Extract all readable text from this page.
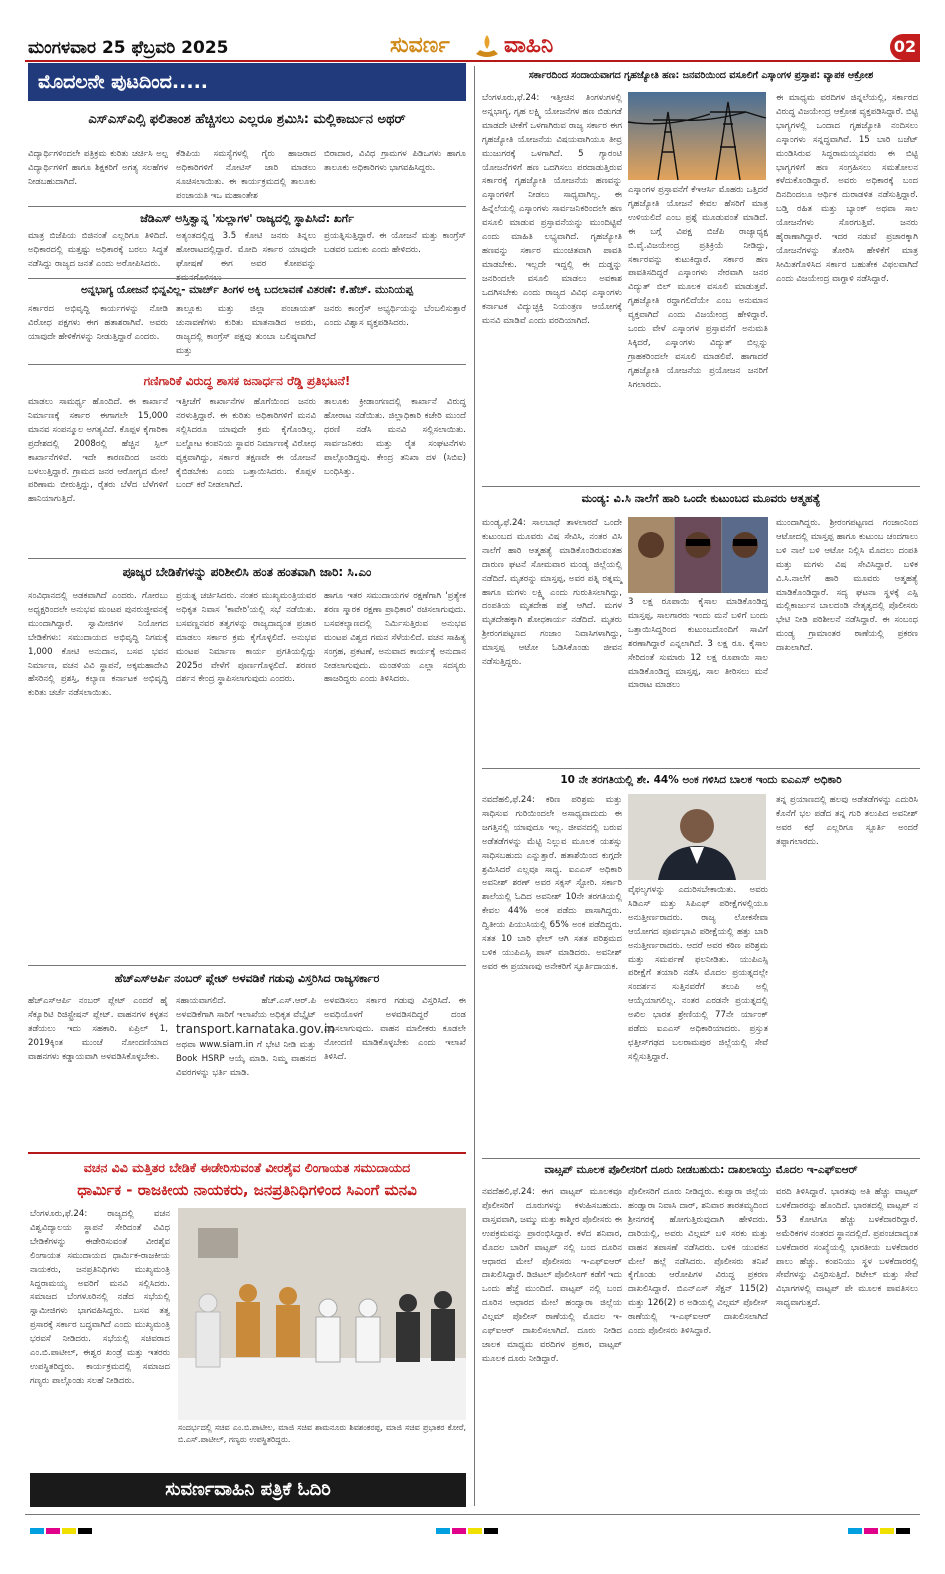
ಮಂಗಳವಾರ 25 ಫೆಬ್ರವರಿ 2025	ಸುವರ್ಣ ವಾಹಿನಿ	02
ಮೊದಲನೇ ಪುಟದಿಂದ.....
ಎಸ್ಎಸ್ಎಲ್ಸಿ ಫಲಿತಾಂಶ ಹೆಚ್ಚಿಸಲು ಎಲ್ಲರೂ ಶ್ರಮಿಸಿ: ಮಲ್ಲಿಕಾರ್ಜುನ ಅಥರ್
ವಿದ್ಯಾರ್ಥಿಗಳಿಂದಲೇ ಪತ್ರಿಕ್ರಮ ಕುರಿತು ಚರ್ಚಿಸಿ ಅಲ್ಪ ವಿದ್ಯಾರ್ಥಿಗಳಿಗೆ ಹಾಗೂ ಶಿಕ್ಷಕರಿಗೆ ಅಗತ್ಯ ಸಲಹೆಗಳ ನೀಡಬಹುದಾಗಿದೆ.
ಕೆಡಿಪಿಯ ಸಮಸ್ಯೆಗಳಲ್ಲಿ ಗೈರು ಹಾಜರಾದ ಅಧಿಕಾರಿಗಳಿಗೆ ನೋಟಿಸ್ ಜಾರಿ ಮಾಡಲು ಸೂಚಿಸಲಾಯಿತು. ಈ ಕಾರ್ಯಕ್ರಮದಲ್ಲಿ ತಾಲೂಕು ಪಂಚಾಯತಿ ಇಒ ಮಹಾಂತೇಶ
ಬಿರಾದಾರ, ವಿವಿಧ ಗ್ರಾಮಗಳ ಪಿಡಿಒಗಳು ಹಾಗೂ ತಾಲೂಕು ಅಧಿಕಾರಿಗಳು ಭಾಗವಹಿಸಿದ್ದರು.
ಜೆಡಿಎಸ್ ಅಸ್ತಿತ್ವಾನ್ನ 'ಸುಲ್ಲಾಗಳ' ರಾಜ್ಯದಲ್ಲಿ ಸ್ಥಾಪಿಸಿದೆ: ಖರ್ಗೆ
ಮಾತ್ರ ಬಿಜೆಪಿಯ ಬಿಜಿನಂತೆ ಎಲ್ಲರಿಗೂ ತಿಳಿದಿದೆ. ಅಧಿಕಾರದಲ್ಲಿ ಮತ್ತಷ್ಟು ಅಧಿಕಾರಕ್ಕೆ ಬರಲು ಸಿದ್ಧತೆ ನಡೆಸಿದ್ದು ರಾಜ್ಯದ ಜನತೆ ಎಂದು ಅರೋಪಿಸಿದರು.
ಅತ್ಯಂತದಲ್ಲಿದ್ದ 3.5 ಕೋಟಿ ಜನರು ತಿನ್ನಲು ಹೋರಾಟದಲ್ಲಿದ್ದಾರೆ. ಮೋದಿ ಸರ್ಕಾರ ಯಾವುದೇ ಘೋಷಣೆ ಈಗ ಅವರ ಕೋಪವನ್ನು
ಪ್ರಯತ್ನಿಸುತ್ತಿದ್ದಾರೆ. ಈ ಯೋಜನೆ ಮತ್ತು ಕಾಂಗ್ರೆಸ್ ಬಡವರ ಬದುಕು ಎಂದು ಹೇಳಿದರು.
ಅನ್ನಭಾಗ್ಯ ಯೋಜನೆ ಭಿನ್ನವಿಲ್ಲ- ಮಾರ್ಚ್ ತಿಂಗಳ ಅಕ್ಕಿ ಬದಲಾವಣೆ ವಿತರಣೆ: ಕೆ.ಹೆಚ್. ಮುನಿಯಪ್ಪ
ಸರ್ಕಾರದ ಅಭಿವೃದ್ಧಿ ಕಾರ್ಯಗಳನ್ನು ನೋಡಿ ವಿರೋಧ ಪಕ್ಷಗಳು ಈಗ ಹತಾಶರಾಗಿವೆ. ಅವರು ಯಾವುದೇ ಹೇಳಿಕೆಗಳನ್ನು ನೀಡುತ್ತಿದ್ದಾರೆ ಎಂದರು.
ತಾಲ್ಲೂಕು ಮತ್ತು ಜಿಲ್ಲಾ ಪಂಚಾಯತ್ ಚುನಾವಣೆಗಳು ಕುರಿತು ಮಾತನಾಡಿದ ಅವರು, ರಾಜ್ಯದಲ್ಲಿ ಕಾಂಗ್ರೆಸ್ ಪಕ್ಷವು ತುಂಬಾ ಬಲಿಷ್ಠವಾಗಿದೆ ಮತ್ತು
ಜನರು ಕಾಂಗ್ರೆಸ್ ಅಭ್ಯರ್ಥಿಯನ್ನು ಬೆಂಬಲಿಸುತ್ತಾರೆ ಎಂದು ವಿಶ್ವಾಸ ವ್ಯಕ್ತಪಡಿಸಿದರು.
ಗಣಿಗಾರಿಕೆ ವಿರುದ್ಧ ಶಾಸಕ ಜನಾರ್ಧನ ರೆಡ್ಡಿ ಪ್ರತಿಭಟನೆ!
ಮಾಡಲು ಸಾಮರ್ಥ್ಯ ಹೊಂದಿದೆ. ಈ ಕಾರ್ಖಾನೆ ನಿರ್ಮಾಣಕ್ಕೆ ಸರ್ಕಾರ ಈಗಾಗಲೇ 15,000 ಮಾನವ ಸಂಪನ್ಮೂಲ ಅಗತ್ಯವಿದೆ. ಕೊಪ್ಪಳ ಕೈಗಾರಿಕಾ ಪ್ರದೇಶದಲ್ಲಿ 2008ರಲ್ಲಿ ಹೆಚ್ಚಿನ ಸ್ಪಿಲ್ ಕಾರ್ಖಾನೆಗಳಿವೆ. ಇದೇ ಕಾರಣದಿಂದ ಜನರು ಬಳಲುತ್ತಿದ್ದಾರೆ. ಗ್ರಾಮದ ಜನರ ಆರೋಗ್ಯದ ಮೇಲೆ ಪರಿಣಾಮ ಬೀರುತ್ತಿದ್ದು, ರೈತರು ಬೆಳೆದ ಬೆಳೆಗಳಿಗೆ ಹಾನಿಯಾಗುತ್ತಿದೆ.
ಇತ್ತೀಚೆಗೆ ಕಾರ್ಖಾನೆಗಳ ಹೊಗೆಯಿಂದ ಜನರು ನರಳುತ್ತಿದ್ದಾರೆ. ಈ ಕುರಿತು ಅಧಿಕಾರಿಗಳಿಗೆ ಮನವಿ ಸಲ್ಲಿಸಿದರೂ ಯಾವುದೇ ಕ್ರಮ ಕೈಗೊಂಡಿಲ್ಲ. ಬಲ್ಡೋಟ ಕಂಪನಿಯ ಸ್ಥಾವರ ನಿರ್ಮಾಣಕ್ಕೆ ವಿರೋಧ ವ್ಯಕ್ತವಾಗಿದ್ದು, ಸರ್ಕಾರ ತಕ್ಷಣವೇ ಈ ಯೋಜನೆ ಕೈಬಿಡಬೇಕು ಎಂದು ಒತ್ತಾಯಿಸಿದರು. ಕೊಪ್ಪಳ ಬಂದ್ ಕರೆ ನೀಡಲಾಗಿದೆ.
ತಾಲೂಕು ಕ್ರೀಡಾಂಗಣದಲ್ಲಿ ಕಾರ್ಖಾನೆ ವಿರುದ್ಧ ಹೋರಾಟ ನಡೆಯಿತು. ಜಿಲ್ಲಾಧಿಕಾರಿ ಕಚೇರಿ ಮುಂದೆ ಧರಣಿ ನಡೆಸಿ ಮನವಿ ಸಲ್ಲಿಸಲಾಯಿತು. ಸಾರ್ವಜನಿಕರು ಮತ್ತು ರೈತ ಸಂಘಟನೆಗಳು ಪಾಲ್ಗೊಂಡಿದ್ದವು. ಕೇಂದ್ರ ತನಿಖಾ ದಳ (ಸಿಬಿಐ) ಬಂಧಿಸಿತ್ತು.
ಪೂಜ್ಯರ ಬೇಡಿಕೆಗಳನ್ನು ಪರಿಶೀಲಿಸಿ ಹಂತ ಹಂತವಾಗಿ ಜಾರಿ: ಸಿ.ಎಂ
ಸಂವಿಧಾನದಲ್ಲಿ ಅಡಕವಾಗಿದೆ ಎಂದರು. ಗೋರಬು ಅಧ್ಯಕ್ಷರಿಂದಲೇ ಅನುಭವ ಮಂಟಪ ಪುನರುಜ್ಜೀವನಕ್ಕೆ ಮುಂದಾಗಿದ್ದಾರೆ. ಸ್ವಾಮೀಜಿಗಳ ನಿಯೋಗದ ಬೇಡಿಕೆಗಳು: ಸಮುದಾಯದ ಅಭಿವೃದ್ಧಿ ನಿಗಮಕ್ಕೆ 1,000 ಕೋಟಿ ಅನುದಾನ, ಬಸವ ಭವನ ನಿರ್ಮಾಣ, ವಚನ ವಿವಿ ಸ್ಥಾಪನೆ, ಅಕ್ಕಮಹಾದೇವಿ ಹೆಸರಿನಲ್ಲಿ ಪ್ರಶಸ್ತಿ, ಕಲ್ಯಾಣ ಕರ್ನಾಟಕ ಅಭಿವೃದ್ಧಿ ಕುರಿತು ಚರ್ಚೆ ನಡೆಸಲಾಯಿತು.
ಪ್ರಯತ್ನ ಚರ್ಚಿಸಿದರು. ನಂತರ ಮುಖ್ಯಮಂತ್ರಿಯವರ ಅಧಿಕೃತ ನಿವಾಸ 'ಕಾವೇರಿ'ಯಲ್ಲಿ ಸಭೆ ನಡೆಯಿತು. ಬಸವಣ್ಣನವರ ತತ್ವಗಳನ್ನು ರಾಜ್ಯದಾದ್ಯಂತ ಪ್ರಚಾರ ಮಾಡಲು ಸರ್ಕಾರ ಕ್ರಮ ಕೈಗೊಳ್ಳಲಿದೆ. ಅನುಭವ ಮಂಟಪ ನಿರ್ಮಾಣ ಕಾರ್ಯ ಪ್ರಗತಿಯಲ್ಲಿದ್ದು 2025ರ ವೇಳೆಗೆ ಪೂರ್ಣಗೊಳ್ಳಲಿದೆ. ಶರಣರ ದರ್ಶನ ಕೇಂದ್ರ ಸ್ಥಾಪಿಸಲಾಗುವುದು ಎಂದರು.
ಹಾಗೂ ಇತರ ಸಮುದಾಯಗಳ ರಕ್ಷಣೆಗಾಗಿ 'ಪ್ರತ್ಯೇಕ ಶರಣ ಸ್ಮಾರಕ ರಕ್ಷಣಾ ಪ್ರಾಧಿಕಾರ' ರಚಿಸಲಾಗುವುದು. ಬಸವಕಲ್ಯಾಣದಲ್ಲಿ ನಿರ್ಮಿಸುತ್ತಿರುವ ಅನುಭವ ಮಂಟಪ ವಿಶ್ವದ ಗಮನ ಸೆಳೆಯಲಿದೆ. ವಚನ ಸಾಹಿತ್ಯ ಸಂಗ್ರಹ, ಪ್ರಕಟಣೆ, ಅನುವಾದ ಕಾರ್ಯಕ್ಕೆ ಅನುದಾನ ನೀಡಲಾಗುವುದು. ಮಂಡಳಿಯ ಎಲ್ಲಾ ಸದಸ್ಯರು ಹಾಜರಿದ್ದರು ಎಂದು ತಿಳಿಸಿದರು.
ಹೆಚ್ಎಸ್ಆರ್ಪಿ ನಂಬರ್ ಪ್ಲೇಟ್ ಅಳವಡಿಕೆ ಗಡುವು ವಿಸ್ತರಿಸಿದ ರಾಜ್ಯಸರ್ಕಾರ
ಹೆಚ್ಎಸ್ಆರ್ಪಿ ನಂಬರ್ ಪ್ಲೇಟ್ ಎಂದರೆ ಹೈ ಸೆಕ್ಯೂರಿಟಿ ರಿಜಿಸ್ಟ್ರೇಷನ್ ಪ್ಲೇಟ್. ವಾಹನಗಳ ಕಳ್ಳತನ ತಡೆಯಲು ಇದು ಸಹಕಾರಿ. ಏಪ್ರಿಲ್ 1, 2019ಕ್ಕಿಂತ ಮುಂಚೆ ನೋಂದಣಿಯಾದ ವಾಹನಗಳು ಕಡ್ಡಾಯವಾಗಿ ಅಳವಡಿಸಿಕೊಳ್ಳಬೇಕು.
ಸಹಾಯವಾಗಲಿದೆ. ಹೆಚ್.ಎಸ್.ಆರ್.ಪಿ ಅಳವಡಿಕೆಗಾಗಿ ಸಾರಿಗೆ ಇಲಾಖೆಯ ಅಧಿಕೃತ ವೆಬ್ಸೈಟ್ transport.karnataka.gov.in ಅಥವಾ www.siam.in ಗೆ ಭೇಟಿ ನೀಡಿ ಮತ್ತು Book HSRP ಆಯ್ಕೆ ಮಾಡಿ. ನಿಮ್ಮ ವಾಹನದ ವಿವರಗಳನ್ನು ಭರ್ತಿ ಮಾಡಿ.
ಅಳವಡಿಸಲು ಸರ್ಕಾರ ಗಡುವು ವಿಸ್ತರಿಸಿದೆ. ಈ ಅವಧಿಯೊಳಗೆ ಅಳವಡಿಸದಿದ್ದರೆ ದಂಡ ವಿಧಿಸಲಾಗುವುದು. ವಾಹನ ಮಾಲೀಕರು ಕೂಡಲೇ ನೋಂದಣಿ ಮಾಡಿಕೊಳ್ಳಬೇಕು ಎಂದು ಇಲಾಖೆ ತಿಳಿಸಿದೆ.
ವಚನ ವಿವಿ ಮತ್ತಿತರ ಬೇಡಿಕೆ ಈಡೇರಿಸುವಂತೆ ವೀರಶೈವ ಲಿಂಗಾಯತ ಸಮುದಾಯದ
ಧಾರ್ಮಿಕ - ರಾಜಕೀಯ ನಾಯಕರು, ಜನಪ್ರತಿನಿಧಿಗಳಿಂದ ಸಿಎಂಗೆ ಮನವಿ
ಬೆಂಗಳೂರು,ಫೆ.24: ರಾಜ್ಯದಲ್ಲಿ ವಚನ ವಿಶ್ವವಿದ್ಯಾಲಯ ಸ್ಥಾಪನೆ ಸೇರಿದಂತೆ ವಿವಿಧ ಬೇಡಿಕೆಗಳನ್ನು ಈಡೇರಿಸುವಂತೆ ವೀರಶೈವ ಲಿಂಗಾಯತ ಸಮುದಾಯದ ಧಾರ್ಮಿಕ-ರಾಜಕೀಯ ನಾಯಕರು, ಜನಪ್ರತಿನಿಧಿಗಳು ಮುಖ್ಯಮಂತ್ರಿ ಸಿದ್ದರಾಮಯ್ಯ ಅವರಿಗೆ ಮನವಿ ಸಲ್ಲಿಸಿದರು. ಸಮಾಜದ ಬೆಂಗಳೂರಿನಲ್ಲಿ ನಡೆದ ಸಭೆಯಲ್ಲಿ ಸ್ವಾಮೀಜಿಗಳು ಭಾಗವಹಿಸಿದ್ದರು. ಬಸವ ತತ್ವ ಪ್ರಸಾರಕ್ಕೆ ಸರ್ಕಾರ ಬದ್ಧವಾಗಿದೆ ಎಂದು ಮುಖ್ಯಮಂತ್ರಿ ಭರವಸೆ ನೀಡಿದರು. ಸಭೆಯಲ್ಲಿ ಸಚಿವರಾದ ಎಂ.ಬಿ.ಪಾಟೀಲ್, ಈಶ್ವರ ಖಂಡ್ರೆ ಮತ್ತು ಇತರರು ಉಪಸ್ಥಿತರಿದ್ದರು. ಕಾರ್ಯಕ್ರಮದಲ್ಲಿ ಸಮಾಜದ ಗಣ್ಯರು ಪಾಲ್ಗೊಂಡು ಸಲಹೆ ನೀಡಿದರು.
ಸಂದರ್ಭದಲ್ಲಿ ಸಚಿವ ಎಂ.ಬಿ.ಪಾಟೀಲ, ಮಾಜಿ ಸಚಿವ ಶಾಮನೂರು ಶಿವಶಂಕರಪ್ಪ, ಮಾಜಿ ಸಚಿವ ಪ್ರಭಾಕರ ಕೋರೆ, ಬಿ.ಎಸ್.ಪಾಟೀಲ್, ಗಣ್ಯರು ಉಪಸ್ಥಿತರಿದ್ದರು.
ಸುವರ್ಣವಾಹಿನಿ ಪತ್ರಿಕೆ ಓದಿರಿ
ಸರ್ಕಾರದಿಂದ ಸಂದಾಯವಾಗದ ಗೃಹಜ್ಯೋತಿ ಹಣ: ಜನವರಿಯಿಂದ ವಸೂಲಿಗೆ ಎಸ್ಕಾಂಗಳ ಪ್ರಸ್ತಾಪ: ವ್ಯಾಪಕ ಆಕ್ರೋಶ
ಬೆಂಗಳೂರು,ಫೆ.24: ಇತ್ತೀಚಿನ ತಿಂಗಳುಗಳಲ್ಲಿ ಅನ್ನಭಾಗ್ಯ, ಗೃಹ ಲಕ್ಷ್ಮಿ ಯೋಜನೆಗಳ ಹಣ ಬಿಡುಗಡೆ ಮಾಡದೇ ಟೀಕೆಗೆ ಒಳಗಾಗಿರುವ ರಾಜ್ಯ ಸರ್ಕಾರ ಈಗ ಗೃಹಜ್ಯೋತಿ ಯೋಜನೆಯ ವಿಷಯವಾಗಿಯೂ ತೀವ್ರ ಮುಜುಗರಕ್ಕೆ ಒಳಗಾಗಿದೆ. 5 ಗ್ಯಾರಂಟಿ ಯೋಜನೆಗಳಿಗೆ ಹಣ ಒದಗಿಸಲು ಪರದಾಡುತ್ತಿರುವ ಸರ್ಕಾರಕ್ಕೆ ಗೃಹಜ್ಯೋತಿ ಯೋಜನೆಯ ಹಣವನ್ನು ಎಸ್ಕಾಂಗಳಿಗೆ ನೀಡಲು ಸಾಧ್ಯವಾಗಿಲ್ಲ. ಈ ಹಿನ್ನೆಲೆಯಲ್ಲಿ ಎಸ್ಕಾಂಗಳು ಸಾರ್ವಜನಿಕರಿಂದಲೇ ಹಣ ವಸೂಲಿ ಮಾಡುವ ಪ್ರಸ್ತಾವನೆಯನ್ನು ಮುಂದಿಟ್ಟಿವೆ ಎಂದು ಮಾಹಿತಿ ಲಭ್ಯವಾಗಿದೆ. ಗೃಹಜ್ಯೋತಿ ಹಣವನ್ನು ಸರ್ಕಾರ ಮುಂಚಿತವಾಗಿ ಪಾವತಿ ಮಾಡಬೇಕು. ಇಲ್ಲದೇ ಇದ್ದಲ್ಲಿ ಈ ದುಡ್ಡನ್ನು ಜನರಿಂದಲೇ ವಸೂಲಿ ಮಾಡಲು ಅವಕಾಶ ಒದಗಿಸಬೇಕು ಎಂದು ರಾಜ್ಯದ ವಿವಿಧ ಎಸ್ಕಾಂಗಳು ಕರ್ನಾಟಕ ವಿದ್ಯುಚ್ಛಕ್ತಿ ನಿಯಂತ್ರಣ ಆಯೋಗಕ್ಕೆ ಮನವಿ ಮಾಡಿವೆ ಎಂದು ವರದಿಯಾಗಿದೆ.
ಎಸ್ಕಾಂಗಳ ಪ್ರಸ್ತಾವನೆಗೆ ಕೆಇಆರ್ಸಿ ಮೊಹರು ಒತ್ತಿದರೆ ಗೃಹಜ್ಯೋತಿ ಯೋಜನೆ ಕೇವಲ ಹೆಸರಿಗೆ ಮಾತ್ರ ಉಳಿಯಲಿದೆ ಎಂಬ ಪ್ರಶ್ನೆ ಮೂಡುವಂತೆ ಮಾಡಿದೆ. ಈ ಬಗ್ಗೆ ವಿಪಕ್ಷ ಬಿಜೆಪಿ ರಾಜ್ಯಾಧ್ಯಕ್ಷ ಬಿ.ವೈ.ವಿಜಯೇಂದ್ರ ಪ್ರತಿಕ್ರಿಯೆ ನೀಡಿದ್ದು, ಸರ್ಕಾರವನ್ನು ಕುಟುಕಿದ್ದಾರೆ. ಸರ್ಕಾರ ಹಣ ಪಾವತಿಸದಿದ್ದರೆ ಎಸ್ಕಾಂಗಳು ನೇರವಾಗಿ ಜನರ ವಿದ್ಯುತ್ ಬಿಲ್ ಮೂಲಕ ವಸೂಲಿ ಮಾಡುತ್ತವೆ. ಗೃಹಜ್ಯೋತಿ ರದ್ದಾಗಲಿದೆಯೇ ಎಂಬ ಅನುಮಾನ ವ್ಯಕ್ತವಾಗಿದೆ ಎಂದು ವಿಜಯೇಂದ್ರ ಹೇಳಿದ್ದಾರೆ. ಒಂದು ವೇಳೆ ಎಸ್ಕಾಂಗಳ ಪ್ರಸ್ತಾವನೆಗೆ ಅನುಮತಿ ಸಿಕ್ಕಿದರೆ, ಎಸ್ಕಾಂಗಳು ವಿದ್ಯುತ್ ಬಿಲ್ಲನ್ನು ಗ್ರಾಹಕರಿಂದಲೇ ವಸೂಲಿ ಮಾಡಲಿವೆ. ಹಾಗಾದರೆ ಗೃಹಜ್ಯೋತಿ ಯೋಜನೆಯ ಪ್ರಯೋಜನ ಜನರಿಗೆ ಸಿಗಲಾರದು.
ಈ ಮಾಧ್ಯಮ ವರದಿಗಳ ಜಿನ್ನಲೆಯಲ್ಲಿ, ಸರ್ಕಾರದ ವಿರುದ್ಧ ವಿಜಯೇಂದ್ರ ಆಕ್ರೋಶ ವ್ಯಕ್ತಪಡಿಸಿದ್ದಾರೆ. ಬಿಟ್ಟಿ ಭಾಗ್ಯಗಳಲ್ಲಿ ಒಂದಾದ ಗೃಹಜ್ಯೋತಿ ನಂದಿಸಲು ಎಸ್ಕಾಂಗಳು ಸನ್ನದ್ಧವಾಗಿವೆ. 15 ಬಾರಿ ಬಜೆಟ್ ಮಂಡಿಸಿರುವ ಸಿದ್ದರಾಮಯ್ಯನವರು ಈ ಬಿಟ್ಟಿ ಭಾಗ್ಯಗಳಿಗೆ ಹಣ ಸಂಗ್ರಹಿಸಲು ಸಮತೋಲನ ಕಳೆದುಕೊಂಡಿದ್ದಾರೆ. ಅವರು ಅಧಿಕಾರಕ್ಕೆ ಬಂದ ದಿನದಿಂದಲೂ ಆರ್ಥಿಕ ದುರಾಡಳಿತ ನಡೆಸುತ್ತಿದ್ದಾರೆ. ಬಡ್ತಿ ರಹಿತ ಮತ್ತು ಬ್ಯಾಂಕ್ ಅಥವಾ ಸಾಲ ಯೋಜನೆಗಳು ಸೊರಗುತ್ತಿವೆ. ಜನರು ಹೈರಾಣಾಗಿದ್ದಾರೆ. ಇದರ ನಡುವೆ ಪ್ರಚಾರಕ್ಕಾಗಿ ಯೋಜನೆಗಳನ್ನು ತೋರಿಸಿ ಹೇಳಿಕೆಗೆ ಮಾತ್ರ ಸೀಮಿತಗೊಳಿಸಿದ ಸರ್ಕಾರ ಬಹುತೇಕ ವಿಫಲವಾಗಿದೆ ಎಂದು ವಿಜಯೇಂದ್ರ ವಾಗ್ದಾಳಿ ನಡೆಸಿದ್ದಾರೆ.
ಮಂಡ್ಯ: ವಿ.ಸಿ ನಾಲೆಗೆ ಹಾರಿ ಒಂದೇ ಕುಟುಂಬದ ಮೂವರು ಆತ್ಮಹತ್ಯೆ
ಮಂಡ್ಯ,ಫೆ.24: ಸಾಲಬಾಧೆ ತಾಳಲಾರದೆ ಒಂದೇ ಕುಟುಂಬದ ಮೂವರು ವಿಷ ಸೇವಿಸಿ, ನಂತರ ವಿಸಿ ನಾಲೆಗೆ ಹಾರಿ ಆತ್ಮಹತ್ಯೆ ಮಾಡಿಕೊಂಡಿರುವಂತಹ ದಾರುಣ ಘಟನೆ ಸೋಮವಾರ ಮಂಡ್ಯ ಜಿಲ್ಲೆಯಲ್ಲಿ ನಡೆದಿದೆ. ಮೃತರನ್ನು ಮಾಸ್ತಪ್ಪ, ಅವರ ಪತ್ನಿ ರತ್ನಮ್ಮ ಹಾಗೂ ಮಗಳು ಲಕ್ಷ್ಮಿ ಎಂದು ಗುರುತಿಸಲಾಗಿದ್ದು, ದಂಪತಿಯ ಮೃತದೇಹ ಪತ್ತೆ ಆಗಿದೆ. ಮಗಳ ಮೃತದೇಹಕ್ಕಾಗಿ ಶೋಧಕಾರ್ಯ ನಡೆದಿದೆ. ಮೃತರು ಶ್ರೀರಂಗಪಟ್ಟಣದ ಗಂಜಾಂ ನಿವಾಸಿಗಳಾಗಿದ್ದು, ಮಾಸ್ತಪ್ಪ ಆಟೋ ಓಡಿಸಿಕೊಂಡು ಜೀವನ ನಡೆಸುತ್ತಿದ್ದರು.
3 ಲಕ್ಷ ರೂಪಾಯಿ ಕೈಸಾಲ ಮಾಡಿಕೊಂಡಿದ್ದ ಮಾಸ್ತಪ್ಪ, ಸಾಲಗಾರರು ಇಂದು ಮನೆ ಬಳಿಗೆ ಬಂದು ಒತ್ತಾಯಿಸಿದ್ದರಿಂದ ಕುಟುಂಬದೊಂದಿಗೆ ಸಾವಿಗೆ ಶರಣಾಗಿದ್ದಾರೆ ಎನ್ನಲಾಗಿದೆ. 3 ಲಕ್ಷ ರೂ. ಕೈಸಾಲ ಸೇರಿದಂತೆ ಸುಮಾರು 12 ಲಕ್ಷ ರೂಪಾಯಿ ಸಾಲ ಮಾಡಿಕೊಂಡಿದ್ದ ಮಾಸ್ತಪ್ಪ, ಸಾಲ ತೀರಿಸಲು ಮನೆ ಮಾರಾಟ ಮಾಡಲು
ಮುಂದಾಗಿದ್ದರು. ಶ್ರೀರಂಗಪಟ್ಟಣದ ಗಂಜಾಂನಿಂದ ಆಟೋದಲ್ಲಿ ಮಾಸ್ತಪ್ಪ ಹಾಗೂ ಕುಟುಂಬ ಚಂದಗಾಲು ಬಳಿ ನಾಲೆ ಬಳಿ ಆಟೋ ನಿಲ್ಲಿಸಿ ಮೊದಲು ದಂಪತಿ ಮತ್ತು ಮಗಳು ವಿಷ ಸೇವಿಸಿದ್ದಾರೆ. ಬಳಿಕ ವಿ.ಸಿ.ನಾಲೆಗೆ ಹಾರಿ ಮೂವರು ಆತ್ಮಹತ್ಯೆ ಮಾಡಿಕೊಂಡಿದ್ದಾರೆ. ಸದ್ಯ ಘಟನಾ ಸ್ಥಳಕ್ಕೆ ಎಸ್ಪಿ ಮಲ್ಲಿಕಾರ್ಜುನ ಬಾಲದಂಡಿ ನೇತೃತ್ವದಲ್ಲಿ ಪೊಲೀಸರು ಭೇಟಿ ನೀಡಿ ಪರಿಶೀಲನೆ ನಡೆಸಿದ್ದಾರೆ. ಈ ಸಂಬಂಧ ಮಂಡ್ಯ ಗ್ರಾಮಾಂತರ ಠಾಣೆಯಲ್ಲಿ ಪ್ರಕರಣ ದಾಖಲಾಗಿದೆ.
10 ನೇ ತರಗತಿಯಲ್ಲಿ ಶೇ. 44% ಅಂಕ ಗಳಿಸಿದ ಬಾಲಕ ಇಂದು ಐಎಎಸ್ ಅಧಿಕಾರಿ
ನವದೆಹಲಿ,ಫೆ.24: ಕಠಿಣ ಪರಿಶ್ರಮ ಮತ್ತು ಸಾಧಿಸುವ ಗುರಿಯಿಂದಲೇ ಅಸಾಧ್ಯವಾದುದು ಈ ಜಗತ್ತಿನಲ್ಲಿ ಯಾವುದೂ ಇಲ್ಲ. ಜೀವನದಲ್ಲಿ ಬರುವ ಅಡೆತಡೆಗಳನ್ನು ಮೆಟ್ಟಿ ನಿಲ್ಲುವ ಮೂಲಕ ಯಶಸ್ಸು ಸಾಧಿಸಬಹುದು ಎನ್ನುತ್ತಾರೆ. ಹತಾಶೆಯಿಂದ ಕುಗ್ಗದೇ ಶ್ರಮಿಸಿದರೆ ಎಲ್ಲವೂ ಸಾಧ್ಯ. ಐಎಎಸ್ ಅಧಿಕಾರಿ ಅವನೀಶ್ ಶರಣ್ ಅವರ ಸಕ್ಸಸ್ ಸ್ಟೋರಿ. ಸರ್ಕಾರಿ ಶಾಲೆಯಲ್ಲಿ ಓದಿದ ಅವನೀಶ್ 10ನೇ ತರಗತಿಯಲ್ಲಿ ಕೇವಲ 44% ಅಂಕ ಪಡೆದು ಪಾಸಾಗಿದ್ದರು. ದ್ವಿತೀಯ ಪಿಯುಸಿಯಲ್ಲಿ 65% ಅಂಕ ಪಡೆದಿದ್ದರು. ಸತತ 10 ಬಾರಿ ಫೇಲ್ ಆಗಿ ಸತತ ಪರಿಶ್ರಮದ ಬಳಿಕ ಯುಪಿಎಸ್ಸಿ ಪಾಸ್ ಮಾಡಿದರು. ಅವನೀಶ್ ಅವರ ಈ ಪ್ರಯಾಣವು ಅನೇಕರಿಗೆ ಸ್ಫೂರ್ತಿದಾಯಕ.
ವೈಫಲ್ಯಗಳನ್ನು ಎದುರಿಸಬೇಕಾಯಿತು. ಅವರು ಸಿಡಿಎಸ್ ಮತ್ತು ಸಿಪಿಎಫ್ ಪರೀಕ್ಷೆಗಳಲ್ಲಿಯೂ ಅನುತ್ತೀರ್ಣರಾದರು. ರಾಜ್ಯ ಲೋಕಸೇವಾ ಆಯೋಗದ ಪೂರ್ವಭಾವಿ ಪರೀಕ್ಷೆಯಲ್ಲಿ ಹತ್ತು ಬಾರಿ ಅನುತ್ತೀರ್ಣರಾದರು. ಆದರೆ ಅವರ ಕಠಿಣ ಪರಿಶ್ರಮ ಮತ್ತು ಸಮರ್ಪಣೆ ಫಲನೀಡಿತು. ಯುಪಿಎಸ್ಸಿ ಪರೀಕ್ಷೆಗೆ ತಯಾರಿ ನಡೆಸಿ ಮೊದಲ ಪ್ರಯತ್ನದಲ್ಲೇ ಸಂದರ್ಶನ ಸುತ್ತಿನವರೆಗೆ ತಲುಪಿ ಅಲ್ಲಿ ಆಯ್ಕೆಯಾಗಲಿಲ್ಲ. ನಂತರ ಎರಡನೇ ಪ್ರಯತ್ನದಲ್ಲಿ ಅಖಿಲ ಭಾರತ ಶ್ರೇಣಿಯಲ್ಲಿ 77ನೇ ರ್ಯಾಂಕ್ ಪಡೆದು ಐಎಎಸ್ ಅಧಿಕಾರಿಯಾದರು. ಪ್ರಸ್ತುತ ಛತ್ತೀಸ್‌ಗಢದ ಬಲರಾಮಪುರ ಜಿಲ್ಲೆಯಲ್ಲಿ ಸೇವೆ ಸಲ್ಲಿಸುತ್ತಿದ್ದಾರೆ.
ತನ್ನ ಪ್ರಯಾಣದಲ್ಲಿ ಹಲವು ಅಡೆತಡೆಗಳನ್ನು ಎದುರಿಸಿ ಕೊನೆಗೆ ಭಲ ಪಡೆದ ತನ್ನ ಗುರಿ ತಲುಪಿದ ಅವನೀಶ್ ಅವರ ಕಥೆ ಎಲ್ಲರಿಗೂ ಸ್ಪೂರ್ತಿ ಅಂದರೆ ತಪ್ಪಾಗಲಾರದು.
ವಾಟ್ಸಪ್ ಮೂಲಕ ಪೊಲೀಸರಿಗೆ ದೂರು ನೀಡಬಹುದು: ದಾಖಲಾಯ್ತು ಮೊದಲ ಇ-ಎಫ್ಐಆರ್
ನವದೆಹಲಿ,ಫೆ.24: ಈಗ ವಾಟ್ಸಪ್ ಮೂಲಕವೂ ಪೊಲೀಸರಿಗೆ ದೂರುಗಳನ್ನು ಕಳುಹಿಸಬಹುದು. ವಾಸ್ತವವಾಗಿ, ಜಮ್ಮು ಮತ್ತು ಕಾಶ್ಮೀರ ಪೊಲೀಸರು ಈ ಉಪಕ್ರಮವನ್ನು ಪ್ರಾರಂಭಿಸಿದ್ದಾರೆ. ಕಳೆದ ಶನಿವಾರ, ಮೊದಲ ಬಾರಿಗೆ ವಾಟ್ಸಪ್ ನಲ್ಲಿ ಬಂದ ದೂರಿನ ಆಧಾರದ ಮೇಲೆ ಪೊಲೀಸರು ಇ-ಎಫ್‌ಐಆರ್ ದಾಖಲಿಸಿದ್ದಾರೆ. ಡಿಜಿಟಲ್ ಪೊಲೀಸಿಂಗ್ ಕಡೆಗೆ ಇದು ಒಂದು ಹೆಜ್ಜೆ ಮುಂದಿದೆ. ವಾಟ್ಸಪ್ ನಲ್ಲಿ ಬಂದ ದೂರಿನ ಆಧಾರದ ಮೇಲೆ ಹಂದ್ವಾರಾ ಜಿಲ್ಲೆಯ ವಿಲ್ಗಮ್ ಪೊಲೀಸ್ ಠಾಣೆಯಲ್ಲಿ ಮೊದಲ ಇ-ಎಫ್‌ಐಆರ್ ದಾಖಲಿಸಲಾಗಿದೆ. ದೂರು ನೀಡಿದ ಜಾಲಕ ಮಾಧ್ಯಮ ವರದಿಗಳ ಪ್ರಕಾರ, ವಾಟ್ಸಪ್ ಮೂಲಕ ದೂರು ನೀಡಿದ್ದಾರೆ.
ಪೊಲೀಸರಿಗೆ ದೂರು ನೀಡಿದ್ದರು. ಕುಪ್ವಾರಾ ಜಿಲ್ಲೆಯ ಹಂಡ್ವಾರಾ ನಿವಾಸಿ ದಾರ್, ಶನಿವಾರ ತಾರತಮ್ಯದಿಂದ ಶ್ರೀನಗರಕ್ಕೆ ಹೋಗುತ್ತಿರುವುದಾಗಿ ಹೇಳಿದರು. ದಾರಿಯಲ್ಲಿ, ಅವರು ವಿಲ್ಗಮ್ ಬಳಿ ಸರಕು ಮತ್ತು ವಾಹನ ತಪಾಸಣೆ ನಡೆಸಿದರು. ಬಳಿಕ ಯುವಕನ ಮೇಲೆ ಹಲ್ಲೆ ನಡೆಸಿದರು. ಪೊಲೀಸರು ತನಿಖೆ ಕೈಗೊಂಡು ಆರೋಪಿಗಳ ವಿರುದ್ಧ ಪ್ರಕರಣ ದಾಖಲಿಸಿದ್ದಾರೆ. ಬಿಎನ್‌ಎಸ್ ಸೆಕ್ಷನ್ 115(2) ಮತ್ತು 126(2) ರ ಅಡಿಯಲ್ಲಿ ವಿಲ್ಗಮ್ ಪೊಲೀಸ್ ಠಾಣೆಯಲ್ಲಿ ಇ-ಎಫ್‌ಐಆರ್ ದಾಖಲಿಸಲಾಗಿದೆ ಎಂದು ಪೊಲೀಸರು ತಿಳಿಸಿದ್ದಾರೆ.
ವರದಿ ತಿಳಿಸಿದ್ದಾರೆ. ಭಾರತವು ಅತಿ ಹೆಚ್ಚು ವಾಟ್ಸಪ್ ಬಳಕೆದಾರರನ್ನು ಹೊಂದಿದೆ. ಭಾರತದಲ್ಲಿ ವಾಟ್ಸಪ್ ನ 53 ಕೋಟಿಗೂ ಹೆಚ್ಚು ಬಳಕೆದಾರರಿದ್ದಾರೆ. ಅಮೆರಿಕಗಳ ನಂತರದ ಸ್ಥಾನದಲ್ಲಿದೆ. ಪ್ರಪಂಚದಾದ್ಯಂತ ಬಳಕೆದಾರರ ಸಂಖ್ಯೆಯಲ್ಲಿ ಭಾರತೀಯ ಬಳಕೆದಾರರ ಪಾಲು ಹೆಚ್ಚು. ಕಂಪನಿಯು ಸ್ಥಳ ಬಳಕೆದಾರರಲ್ಲಿ ಸೇವೆಗಳನ್ನು ವಿಸ್ತರಿಸುತ್ತಿದೆ. ರಿಟೇಲ್ ಮತ್ತು ಸೇವೆ ವಿಭಾಗಗಳಲ್ಲಿ ವಾಟ್ಸಪ್ ಪೇ ಮೂಲಕ ಪಾವತಿಸಲು ಸಾಧ್ಯವಾಗುತ್ತದೆ.
